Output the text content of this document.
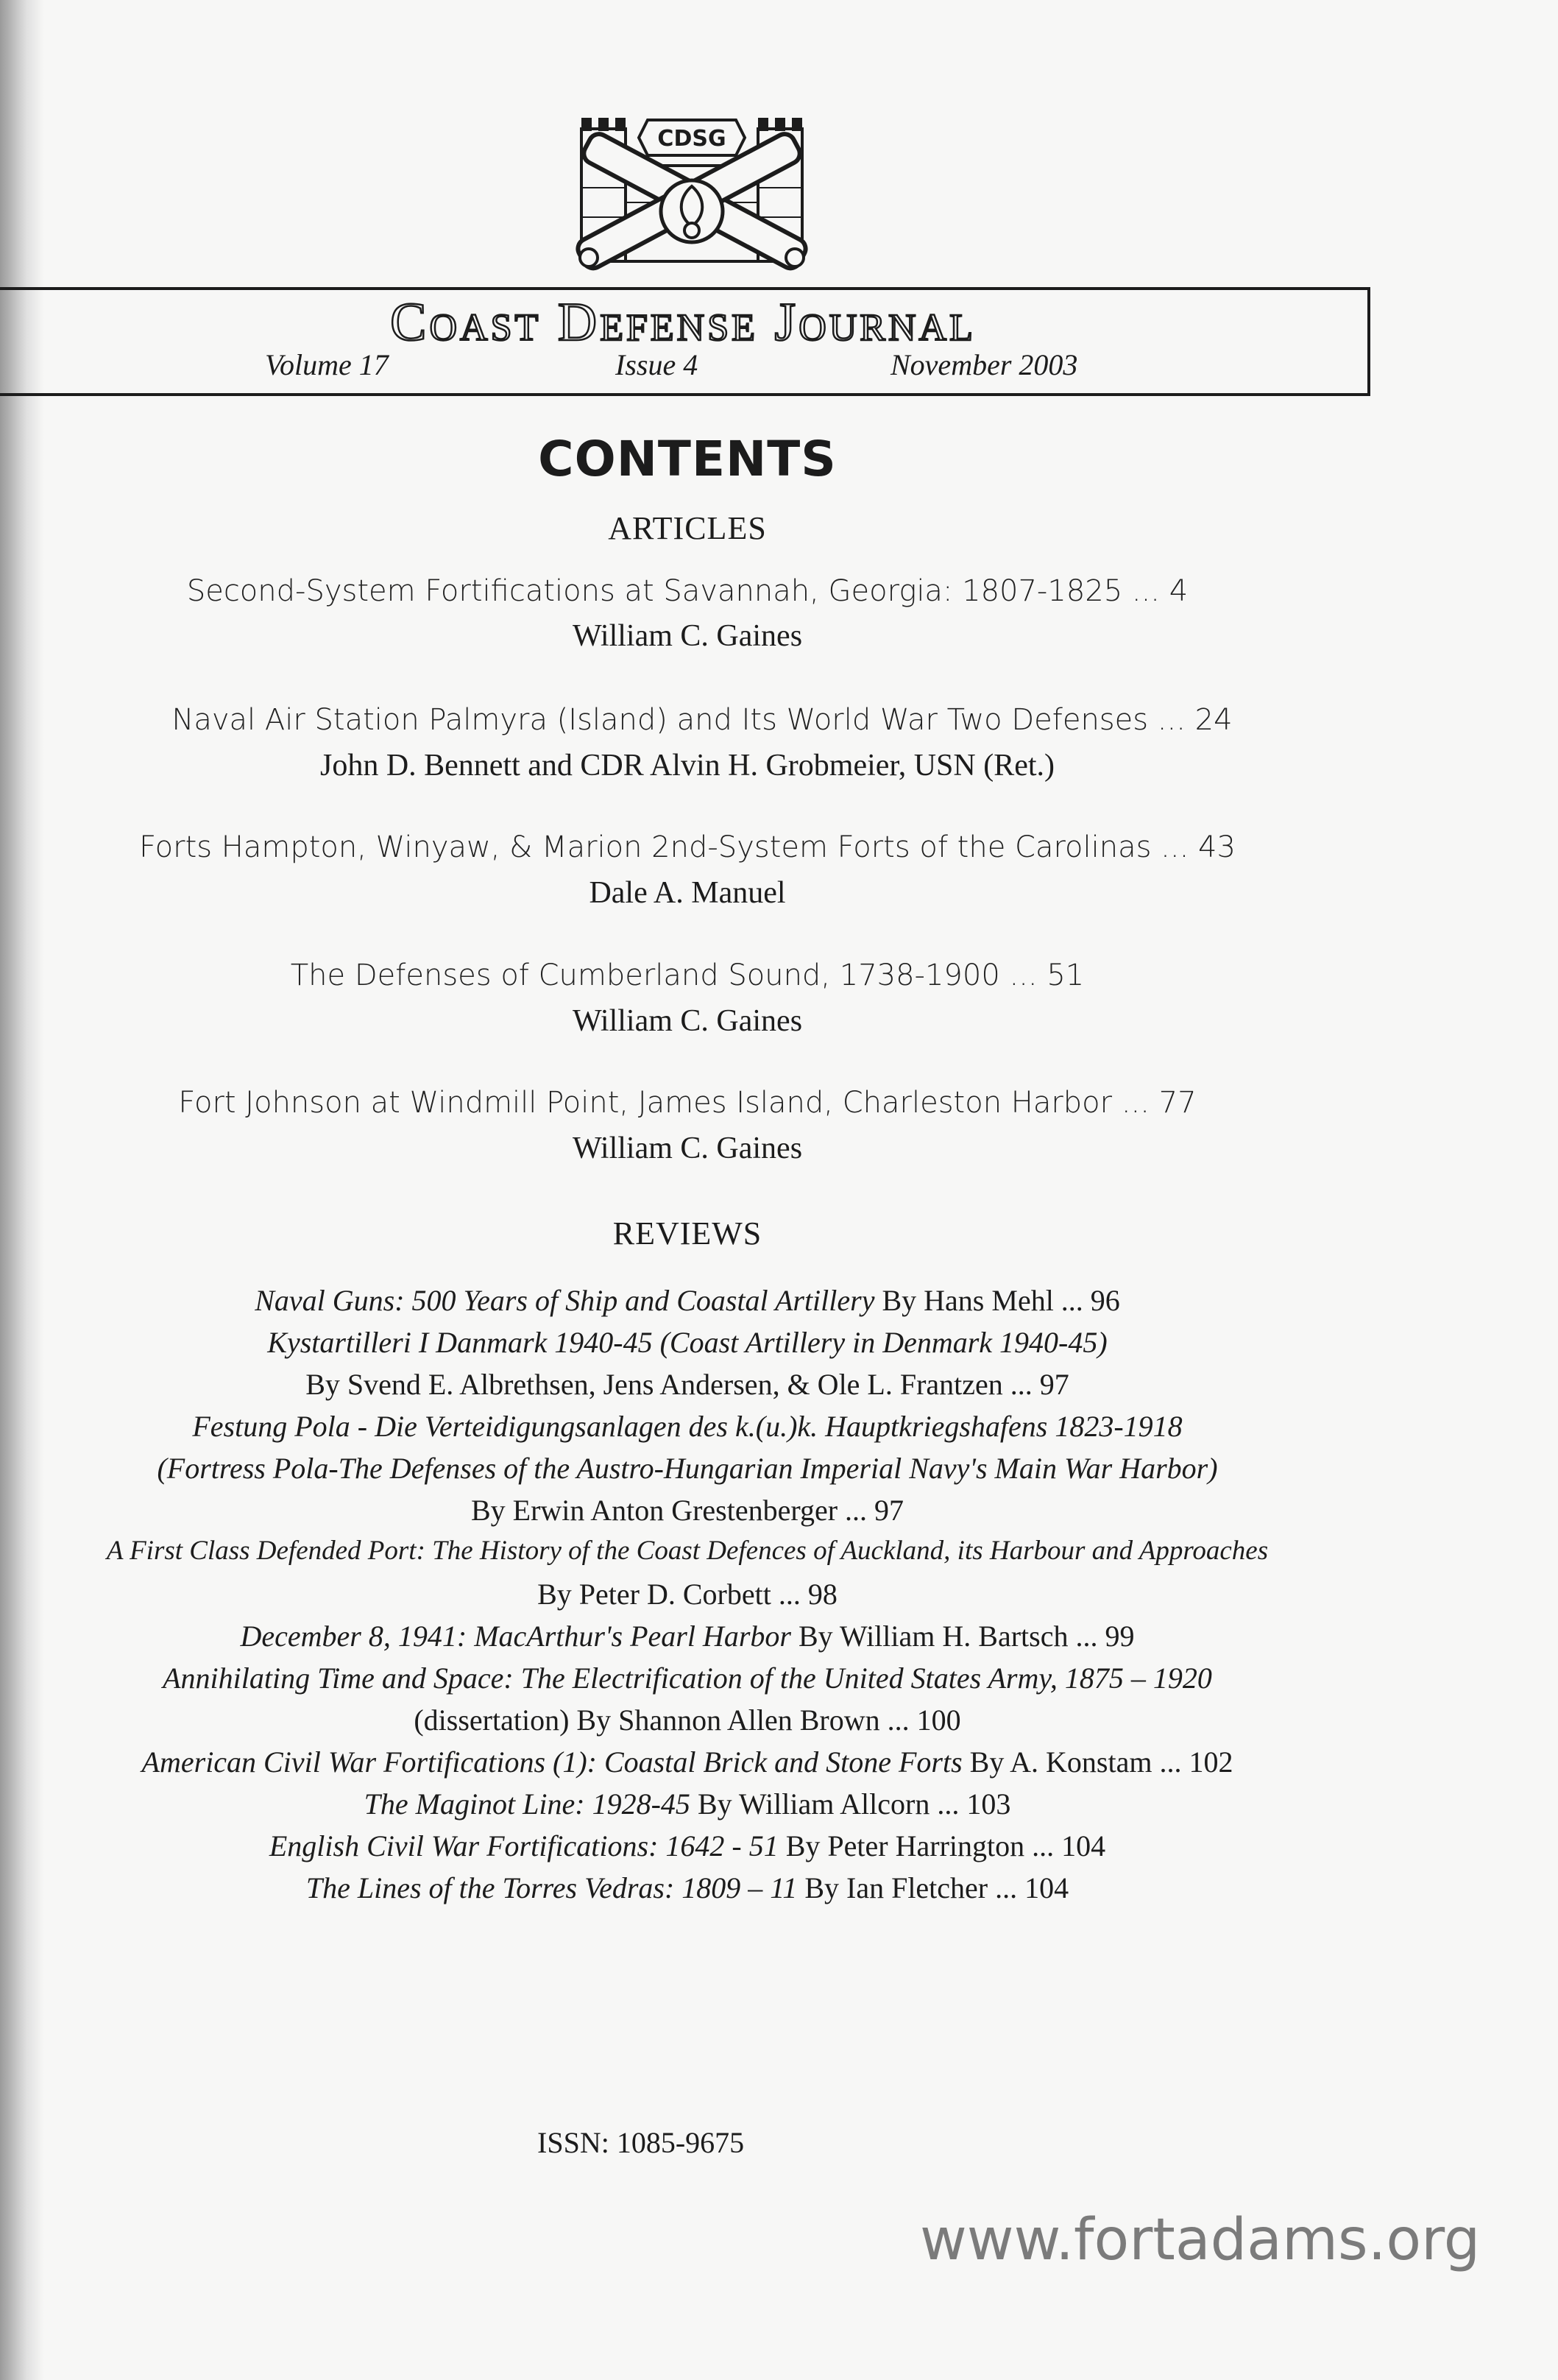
CDSG
Coast Defense Journal
Volume 17	Issue 4	November 2003
CONTENTS
ARTICLES
Second-System Fortifications at Savannah, Georgia: 1807-1825 ... 4
William C. Gaines
Naval Air Station Palmyra (Island) and Its World War Two Defenses ... 24
John D. Bennett and CDR Alvin H. Grobmeier, USN (Ret.)
Forts Hampton, Winyaw, & Marion 2nd-System Forts of the Carolinas ... 43
Dale A. Manuel
The Defenses of Cumberland Sound, 1738-1900 ... 51
William C. Gaines
Fort Johnson at Windmill Point, James Island, Charleston Harbor ... 77
William C. Gaines
REVIEWS
Naval Guns: 500 Years of Ship and Coastal Artillery By Hans Mehl ... 96
Kystartilleri I Danmark 1940-45 (Coast Artillery in Denmark 1940-45)
By Svend E. Albrethsen, Jens Andersen, & Ole L. Frantzen ... 97
Festung Pola - Die Verteidigungsanlagen des k.(u.)k. Hauptkriegshafens 1823-1918
(Fortress Pola-The Defenses of the Austro-Hungarian Imperial Navy's Main War Harbor)
By Erwin Anton Grestenberger ... 97
A First Class Defended Port: The History of the Coast Defences of Auckland, its Harbour and Approaches
By Peter D. Corbett ... 98
December 8, 1941: MacArthur's Pearl Harbor By William H. Bartsch ... 99
Annihilating Time and Space: The Electrification of the United States Army, 1875 – 1920
(dissertation) By Shannon Allen Brown ... 100
American Civil War Fortifications (1): Coastal Brick and Stone Forts By A. Konstam ... 102
The Maginot Line: 1928-45 By William Allcorn ... 103
English Civil War Fortifications: 1642 - 51 By Peter Harrington ... 104
The Lines of the Torres Vedras: 1809 – 11 By Ian Fletcher ... 104
ISSN: 1085-9675
www.fortadams.org
